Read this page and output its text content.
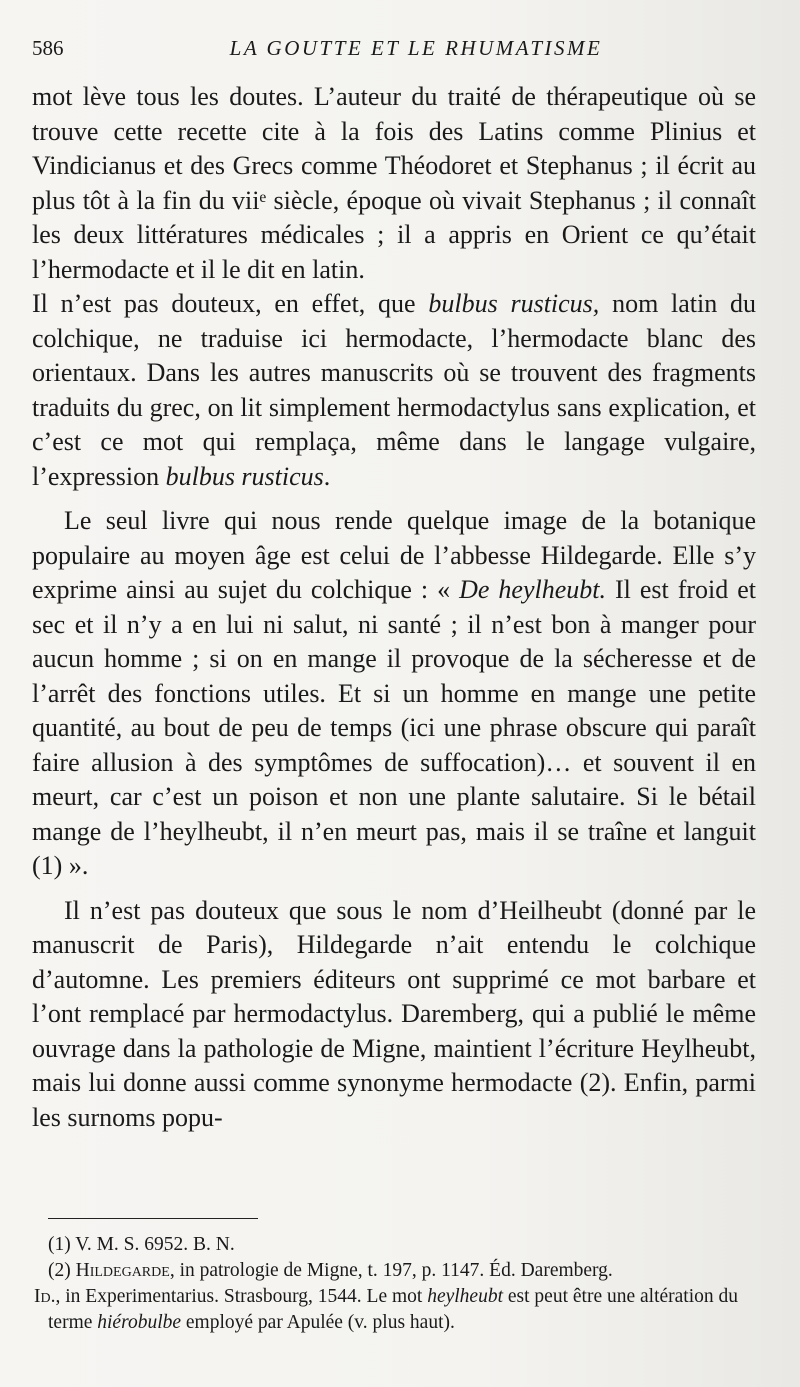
586	LA GOUTTE ET LE RHUMATISME

mot lève tous les doutes. L’auteur du traité de thérapeutique où se trouve cette recette cite à la fois des Latins comme Plinius et Vindicianus et des Grecs comme Théodoret et Stephanus ; il écrit au plus tôt à la fin du viiᵉ siècle, époque où vivait Stephanus ; il connaît les deux littératures médicales ; il a appris en Orient ce qu’était l’hermodacte et il le dit en latin.

Il n’est pas douteux, en effet, que bulbus rusticus, nom latin du colchique, ne traduise ici hermodacte, l’hermodacte blanc des orientaux. Dans les autres manuscrits où se trouvent des fragments traduits du grec, on lit simplement hermodactylus sans explication, et c’est ce mot qui remplaça, même dans le langage vulgaire, l’expression bulbus rusticus.

Le seul livre qui nous rende quelque image de la botanique populaire au moyen âge est celui de l’abbesse Hildegarde. Elle s’y exprime ainsi au sujet du colchique : « De heylheubt. Il est froid et sec et il n’y a en lui ni salut, ni santé ; il n’est bon à manger pour aucun homme ; si on en mange il provoque de la sécheresse et de l’arrêt des fonctions utiles. Et si un homme en mange une petite quantité, au bout de peu de temps (ici une phrase obscure qui paraît faire allusion à des symptômes de suffocation)… et souvent il en meurt, car c’est un poison et non une plante salutaire. Si le bétail mange de l’heylheubt, il n’en meurt pas, mais il se traîne et languit (1) ».

Il n’est pas douteux que sous le nom d’Heilheubt (donné par le manuscrit de Paris), Hildegarde n’ait entendu le colchique d’automne. Les premiers éditeurs ont supprimé ce mot barbare et l’ont remplacé par hermodactylus. Daremberg, qui a publié le même ouvrage dans la pathologie de Migne, maintient l’écriture Heylheubt, mais lui donne aussi comme synonyme hermodacte (2). Enfin, parmi les surnoms popu-

(1) V. M. S. 6952. B. N.

(2) Hildegarde, in patrologie de Migne, t. 197, p. 1147. Éd. Daremberg.

Id., in Experimentarius. Strasbourg, 1544. Le mot heylheubt est peut être une altération du terme hiérobulbe employé par Apulée (v. plus haut).
